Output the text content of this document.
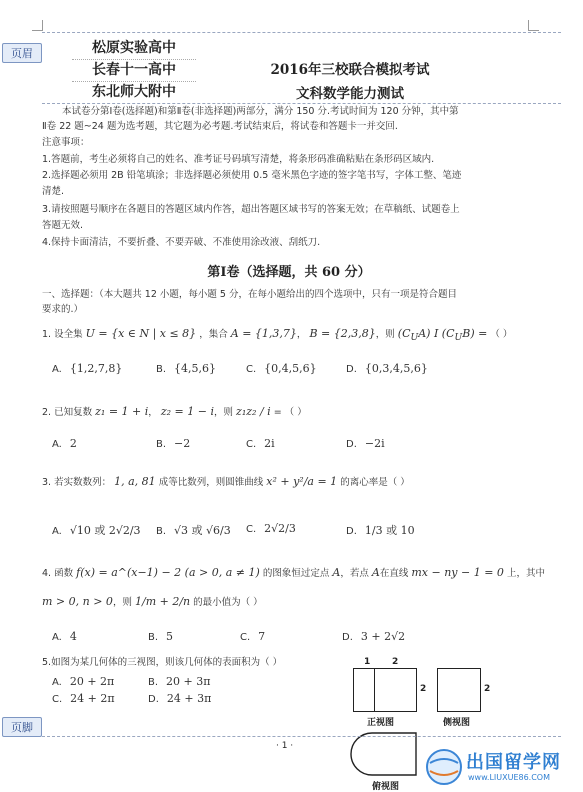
页眉	松原实验高中
长春十一高中
东北师大附中
2016年三校联合模拟考试
文科数学能力测试
本试卷分第Ⅰ卷(选择题)和第Ⅱ卷(非选择题)两部分，满分 150 分.考试时间为 120 分钟，其中第
Ⅱ卷 22 题~24 题为选考题，其它题为必考题.考试结束后，将试卷和答题卡一并交回.
注意事项：
1.答题前，考生必须将自己的姓名、准考证号码填写清楚，将条形码准确粘贴在条形码区域内.
2.选择题必须用 2B 铅笔填涂；非选择题必须使用 0.5 毫米黑色字迹的签字笔书写，字体工整、笔迹
清楚.
3.请按照题号顺序在各题目的答题区域内作答，超出答题区域书写的答案无效；在草稿纸、试题卷上
答题无效.
4.保持卡面清洁，不要折叠、不要弄破、不准使用涂改液、刮纸刀.
第Ⅰ卷（选择题，共 60 分）
一、选择题：（本大题共 12 小题，每小题 5 分，在每小题给出的四个选项中，只有一项是符合题目
要求的.）
1. 设全集 U = {x ∈ N | x ≤ 8} ，集合 A = {1,3,7}， B = {2,3,8}，则 $(C_UA)$ I $(C_UB)$ = （ ）
A. {1,2,7,8}	B. {4,5,6}	C. {0,4,5,6}	D. {0,3,4,5,6}
2. 已知复数 z₁ = 1 + i， z₂ = 1 − i，则 z₁z₂ / i = （ ）
A. 2	B. −2	C. 2i	D. −2i
3. 若实数数列： 1, a, 81 成等比数列，则圆锥曲线 x² + y²/a = 1 的离心率是（ ）
A. √10 或 2√2/3 B. √3 或 √6/3 C. 2√2/3	D. 1/3 或 10
4. 函数 f(x) = a^(x−1) − 2 (a > 0, a ≠ 1) 的图象恒过定点 A，若点 A在直线 mx − ny − 1 = 0 上，其中
m > 0, n > 0，则 1/m + 2/n 的最小值为（ ）
A. 4	B. 5	C. 7	D. 3 + 2√2
5.如图为某几何体的三视图，则该几何体的表面积为（ ）
A. 20 + 2π	B. 20 + 3π
C. 24 + 2π	D. 24 + 3π
1 2
2
正视图
2
侧视图
俯视图
页脚
· 1 ·
出国留学网
www.LIUXUE86.COM
